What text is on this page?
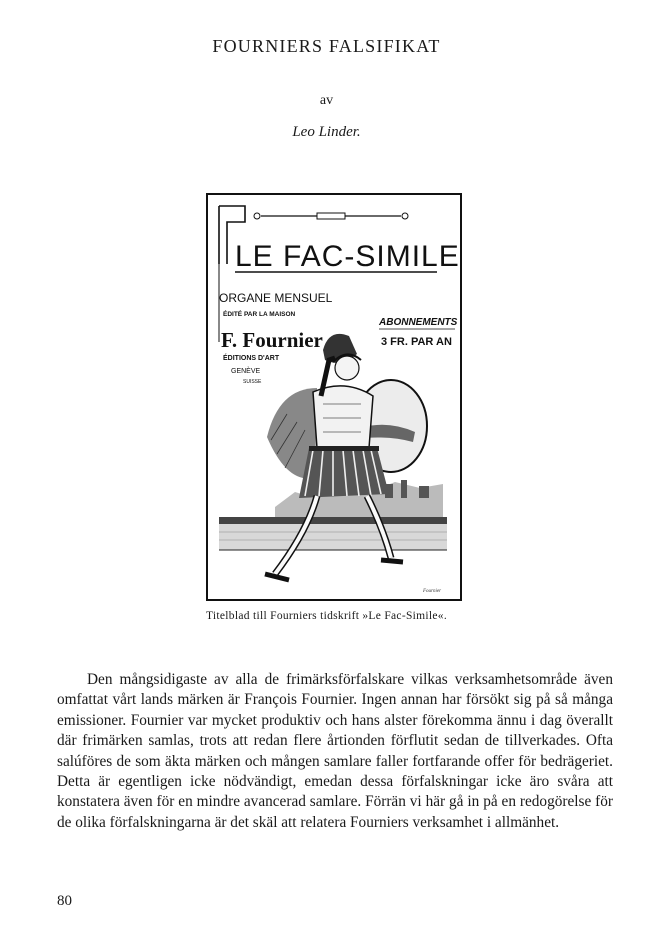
FOURNIERS FALSIFIKAT
av
Leo Linder.
LE FAC-SIMILE
ORGANE MENSUEL
ÉDITÉ PAR LA MAISON
F. Fournier
ÉDITIONS D'ART
GENÈVE
SUISSE
ABONNEMENTS
3 FR. PAR AN
Fournier
Titelblad till Fourniers tidskrift »Le Fac-Simile«.

Den mångsidigaste av alla de frimärksförfalskare vilkas verksamhetsområde även omfattat vårt lands märken är François Fournier. Ingen annan har försökt sig på så många emissioner. Fournier var mycket produktiv och hans alster förekomma ännu i dag överallt där frimärken samlas, trots att redan flere årtionden förflutit sedan de tillverkades. Ofta salúföres de som äkta märken och mången samlare faller fortfarande offer för bedrägeriet. Detta är egentligen icke nödvändigt, emedan dessa förfalskningar icke äro svåra att konstatera även för en mindre avancerad samlare. Förrän vi här gå in på en redogörelse för de olika förfalskningarna är det skäl att relatera Fourniers verksamhet i allmänhet.

80
